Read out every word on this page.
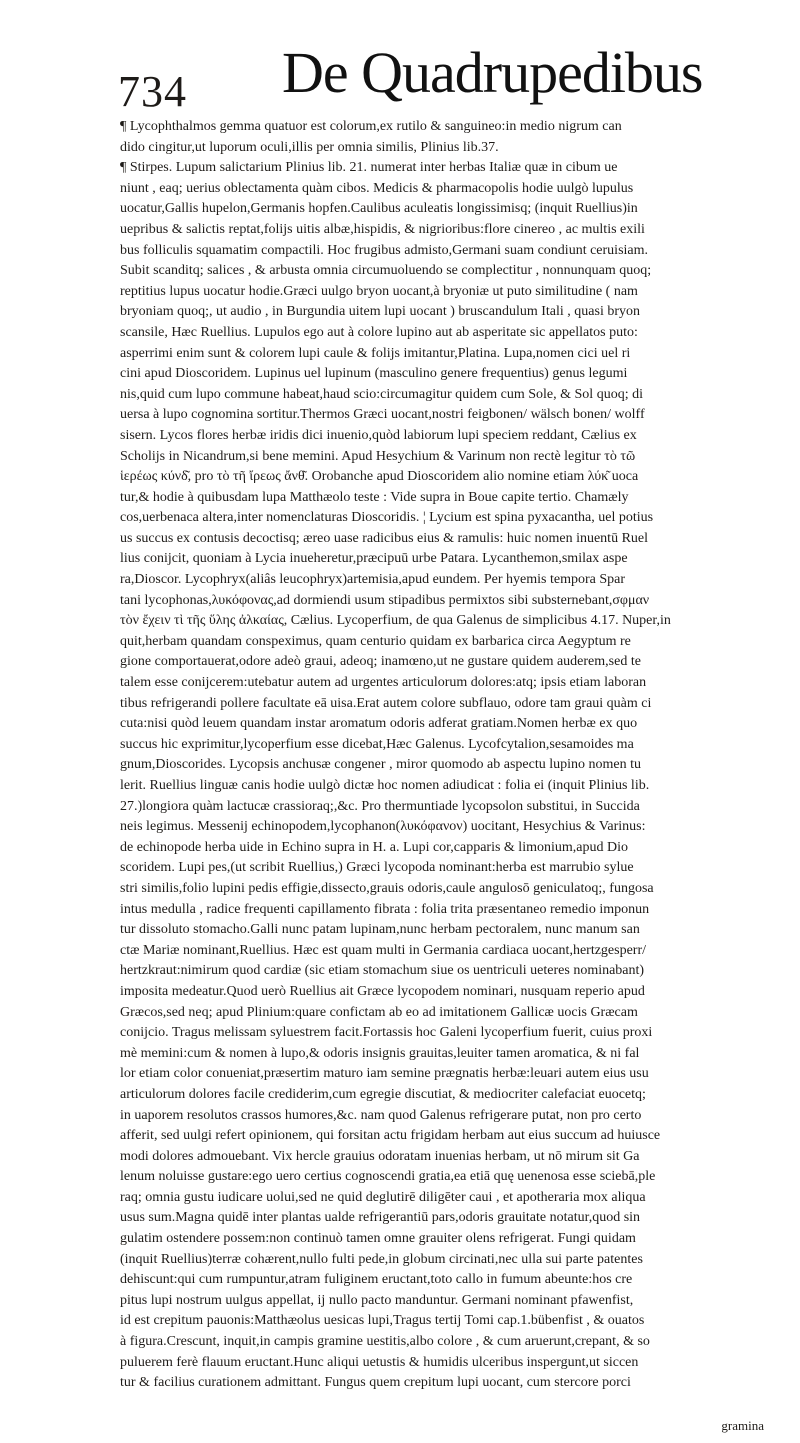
734 De Quadrupedibus
¶ Lycophthalmos gemma quatuor est colorum,ex rutilo & sanguineo:in medio nigrum can
dido cingitur,ut luporum oculi,illis per omnia similis, Plinius lib.37.
¶ Stirpes. Lupum salictarium Plinius lib. 21. numerat inter herbas Italiæ quæ in cibum ue
niunt , eaq; uerius oblectamenta quàm cibos. Medicis & pharmacopolis hodie uulgò lupulus
uocatur,Gallis hupelon,Germanis hopfen.Caulibus aculeatis longissimisq; (inquit Ruellius)in
uepribus & salictis reptat,folijs uitis albæ,hispidis, & nigrioribus:flore cinereo , ac multis exili
bus folliculis squamatim compactili. Hoc frugibus admisto,Germani suam condiunt ceruisiam.
Subit scanditq; salices , & arbusta omnia circumuoluendo se complectitur , nonnunquam quoq;
reptitius lupus uocatur hodie.Græci uulgo bryon uocant,à bryoniæ ut puto similitudine ( nam
bryoniam quoq;, ut audio , in Burgundia uitem lupi uocant ) bruscandulum Itali , quasi bryon
scansile, Hæc Ruellius. Lupulos ego aut à colore lupino aut ab asperitate sic appellatos puto:
asperrimi enim sunt & colorem lupi caule & folijs imitantur,Platina. Lupa,nomen cici uel ri
cini apud Dioscoridem. Lupinus uel lupinum (masculino genere frequentius) genus legumi
nis,quid cum lupo commune habeat,haud scio:circumagitur quidem cum Sole, & Sol quoq; di
uersa à lupo cognomina sortitur.Thermos Græci uocant,nostri feigbonen/ wälsch bonen/ wolff
sisern. Lycos flores herbæ iridis dici inuenio,quòd labiorum lupi speciem reddant, Cælius ex
Scholijs in Nicandrum,si bene memini. Apud Hesychium & Varinum non rectè legitur τὸ τῶ
ἱερέως κύνδ͂, pro τὸ τῆ ἴρεως ἄνθ͂. Orobanche apud Dioscoridem alio nomine etiam λύκ͂ uoca
tur,& hodie à quibusdam lupa Matthæolo teste : Vide supra in Boue capite tertio. Chamæly
cos,uerbenaca altera,inter nomenclaturas Dioscoridis. ¦ Lycium est spina pyxacantha, uel potius
us succus ex contusis decoctisq; æreo uase radicibus eius & ramulis: huic nomen inuentū Ruel
lius conijcit, quoniam à Lycia inueheretur,præcipuū urbe Patara. Lycanthemon,smilax aspe
ra,Dioscor. Lycophryx(aliâs leucophryx)artemisia,apud eundem. Per hyemis tempora Spar
tani lycophonas,λυκόφονας,ad dormiendi usum stipadibus permixtos sibi substernebant,σφμαν
τὸν ἔχειν τὶ τῆς ὕλης ἀλκαίας, Cælius. Lycoperfium, de qua Galenus de simplicibus 4.17. Nuper,in
quit,herbam quandam conspeximus, quam centurio quidam ex barbarica circa Aegyptum re
gione comportauerat,odore adeò graui, adeoq; inamœno,ut ne gustare quidem auderem,sed te
talem esse conijcerem:utebatur autem ad urgentes articulorum dolores:atq; ipsis etiam laboran
tibus refrigerandi pollere facultate eā uisa.Erat autem colore subflauo, odore tam graui quàm ci
cuta:nisi quòd leuem quandam instar aromatum odoris adferat gratiam.Nomen herbæ ex quo
succus hic exprimitur,lycoperfium esse dicebat,Hæc Galenus. Lycofcytalion,sesamoides ma
gnum,Dioscorides. Lycopsis anchusæ congener , miror quomodo ab aspectu lupino nomen tu
lerit. Ruellius linguæ canis hodie uulgò dictæ hoc nomen adiudicat : folia ei (inquit Plinius lib.
27.)longiora quàm lactucæ crassioraq;,&c. Pro thermuntiade lycopsolon substitui, in Succida
neis legimus. Messenij echinopodem,lycophanon(λυκόφανον) uocitant, Hesychius & Varinus:
de echinopode herba uide in Echino supra in H. a. Lupi cor,capparis & limonium,apud Dio
scoridem. Lupi pes,(ut scribit Ruellius,) Græci lycopoda nominant:herba est marrubio sylue
stri similis,folio lupini pedis effigie,dissecto,grauis odoris,caule angulosō geniculatoq;, fungosa
intus medulla , radice frequenti capillamento fibrata : folia trita præsentaneo remedio imponun
tur dissoluto stomacho.Galli nunc patam lupinam,nunc herbam pectoralem, nunc manum san
ctæ Mariæ nominant,Ruellius. Hæc est quam multi in Germania cardiaca uocant,hertzgesperr/
hertzkraut:nimirum quod cardiæ (sic etiam stomachum siue os uentriculi ueteres nominabant)
imposita medeatur.Quod uerò Ruellius ait Græce lycopodem nominari, nusquam reperio apud
Græcos,sed neq; apud Plinium:quare confictam ab eo ad imitationem Gallicæ uocis Græcam
conijcio. Tragus melissam syluestrem facit.Fortassis hoc Galeni lycoperfium fuerit, cuius proxi
mè memini:cum & nomen à lupo,& odoris insignis grauitas,leuiter tamen aromatica, & ni fal
lor etiam color conueniat,præsertim maturo iam semine prægnatis herbæ:leuari autem eius usu
articulorum dolores facile crediderim,cum egregie discutiat, & mediocriter calefaciat euocetq;
in uaporem resolutos crassos humores,&c. nam quod Galenus refrigerare putat, non pro certo
afferit, sed uulgi refert opinionem, qui forsitan actu frigidam herbam aut eius succum ad huiusce
modi dolores admouebant. Vix hercle grauius odoratam inuenias herbam, ut nō mirum sit Ga
lenum noluisse gustare:ego uero certius cognoscendi gratia,ea etiā quę uenenosa esse sciebā,ple
raq; omnia gustu iudicare uolui,sed ne quid deglutirē diligēter caui , et apotheraria mox aliqua
usus sum.Magna quidē inter plantas ualde refrigerantiū pars,odoris grauitate notatur,quod sin
gulatim ostendere possem:non continuò tamen omne grauiter olens refrigerat. Fungi quidam
(inquit Ruellius)terræ cohærent,nullo fulti pede,in globum circinati,nec ulla sui parte patentes
dehiscunt:qui cum rumpuntur,atram fuliginem eructant,toto callo in fumum abeunte:hos cre
pitus lupi nostrum uulgus appellat, ij nullo pacto manduntur. Germani nominant pfawenfist,
id est crepitum pauonis:Matthæolus uesicas lupi,Tragus tertij Tomi cap.1.bübenfist , & ouatos
à figura.Crescunt, inquit,in campis gramine uestitis,albo colore , & cum aruerunt,crepant, & so
puluerem ferè flauum eructant.Hunc aliqui uetustis & humidis ulceribus inspergunt,ut siccen
tur & facilius curationem admittant. Fungus quem crepitum lupi uocant, cum stercore porci
gramina
